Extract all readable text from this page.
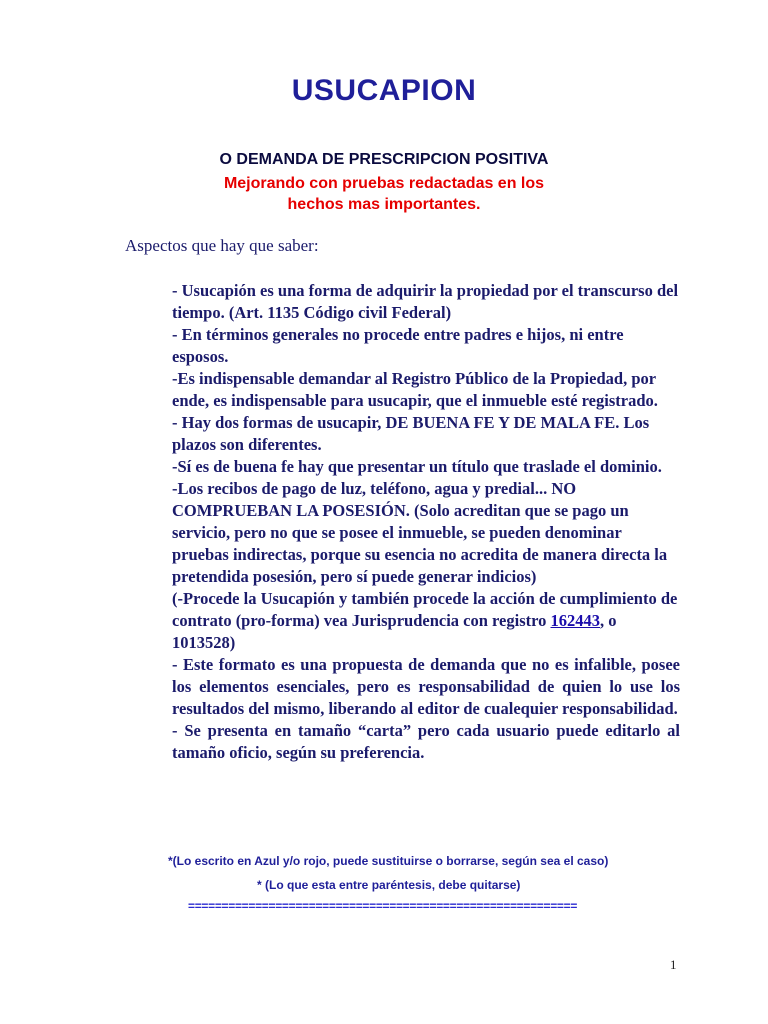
USUCAPION
O DEMANDA DE PRESCRIPCION POSITIVA
Mejorando con pruebas redactadas en los hechos mas importantes.
Aspectos que hay que saber:

- Usucapión es una forma de adquirir la propiedad por el transcurso del tiempo. (Art. 1135 Código civil Federal)

- En términos generales no procede entre padres e hijos, ni entre esposos.

-Es indispensable demandar al Registro Público de la Propiedad, por ende, es indispensable para usucapir, que el inmueble esté registrado.

- Hay dos formas de usucapir, DE BUENA FE Y DE MALA FE. Los plazos son diferentes.

-Sí es de buena fe hay que presentar un título que traslade el dominio.

-Los recibos de pago de luz, teléfono, agua y predial... NO COMPRUEBAN LA POSESIÓN. (Solo acreditan que se pago un servicio, pero no que se posee el inmueble, se pueden denominar pruebas indirectas, porque su esencia no acredita de manera directa la pretendida posesión, pero sí puede generar indicios)

(-Procede la Usucapión y también procede la acción de cumplimiento de contrato (pro-forma) vea Jurisprudencia con registro 162443, o 1013528)

- Este formato es una propuesta de demanda que no es infalible, posee los elementos esenciales, pero es responsabilidad de quien lo use los resultados del mismo, liberando al editor de cualequier responsabilidad.

- Se presenta en tamaño “carta” pero cada usuario puede editarlo al tamaño oficio, según su preferencia.

*(Lo escrito en Azul y/o rojo, puede sustituirse o borrarse, según sea el caso)
* (Lo que esta entre paréntesis, debe quitarse)
==========================================================
1
